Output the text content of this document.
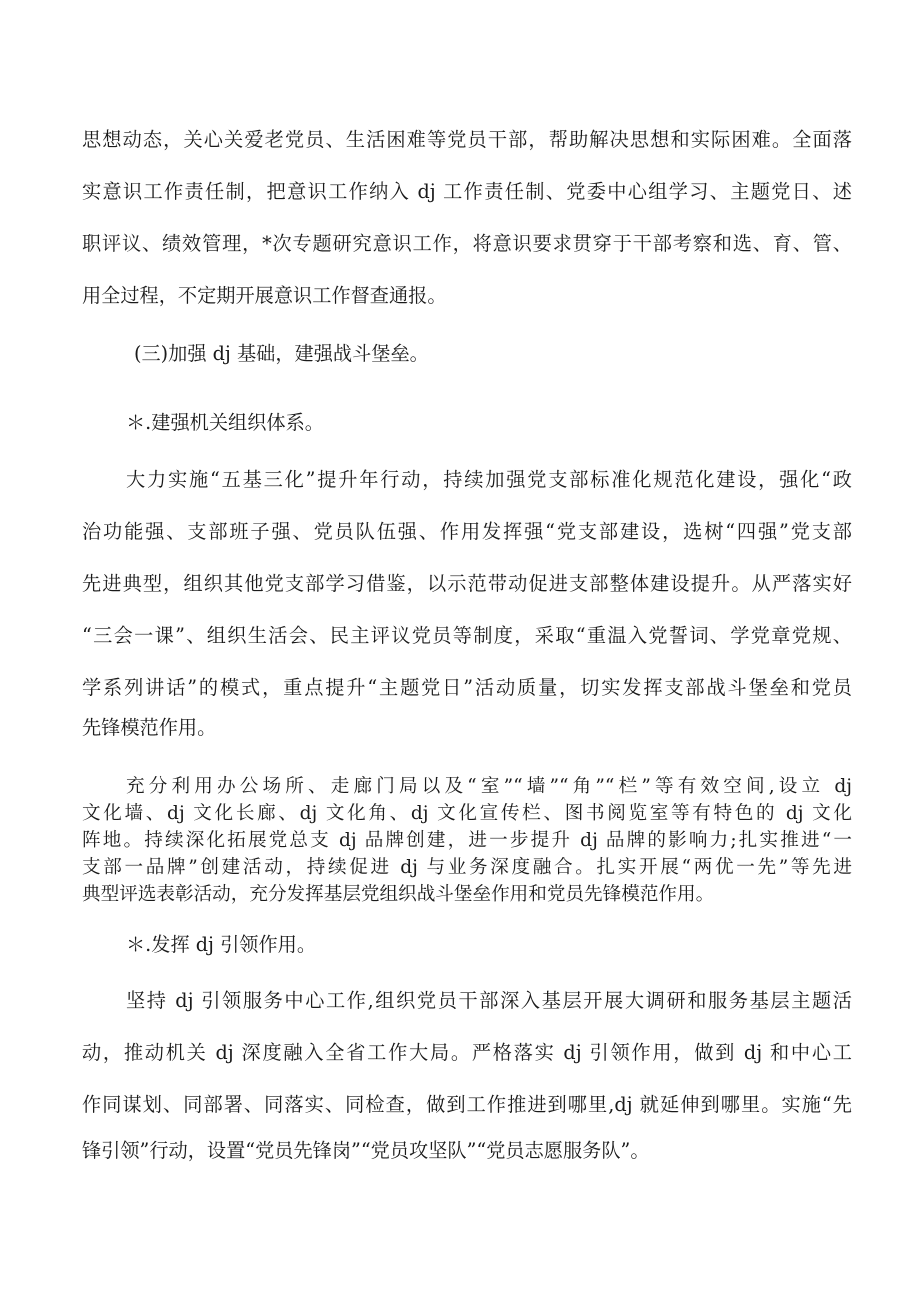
思想动态，关心关爱老党员、生活困难等党员干部，帮助解决思想和实际困难。全面落
实意识工作责任制，把意识工作纳入 dj 工作责任制、党委中心组学习、主题党日、述
职评议、绩效管理，*次专题研究意识工作，将意识要求贯穿于干部考察和选、育、管、
用全过程，不定期开展意识工作督查通报。
(三)加强 dj 基础，建强战斗堡垒。
＊.建强机关组织体系。
大力实施“五基三化”提升年行动，持续加强党支部标准化规范化建设，强化“政
治功能强、支部班子强、党员队伍强、作用发挥强“党支部建设，选树“四强”党支部
先进典型，组织其他党支部学习借鉴，以示范带动促进支部整体建设提升。从严落实好
“三会一课”、组织生活会、民主评议党员等制度，采取“重温入党誓词、学党章党规、
学系列讲话”的模式，重点提升“主题党日”活动质量，切实发挥支部战斗堡垒和党员
先锋模范作用。
充分利用办公场所、走廊门局以及“室”“墙”“角”“栏”等有效空间,设立 dj
文化墙、dj 文化长廊、dj 文化角、dj 文化宣传栏、图书阅览室等有特色的 dj 文化
阵地。持续深化拓展党总支 dj 品牌创建，进一步提升 dj 品牌的影响力;扎实推进“一
支部一品牌”创建活动，持续促进 dj 与业务深度融合。扎实开展“两优一先”等先进
典型评选表彰活动，充分发挥基层党组织战斗堡垒作用和党员先锋模范作用。
＊.发挥 dj 引领作用。
坚持 dj 引领服务中心工作,组织党员干部深入基层开展大调研和服务基层主题活
动，推动机关 dj 深度融入全省工作大局。严格落实 dj 引领作用，做到 dj 和中心工
作同谋划、同部署、同落实、同检查，做到工作推进到哪里,dj 就延伸到哪里。实施“先
锋引领”行动，设置“党员先锋岗”“党员攻坚队”“党员志愿服务队”。
